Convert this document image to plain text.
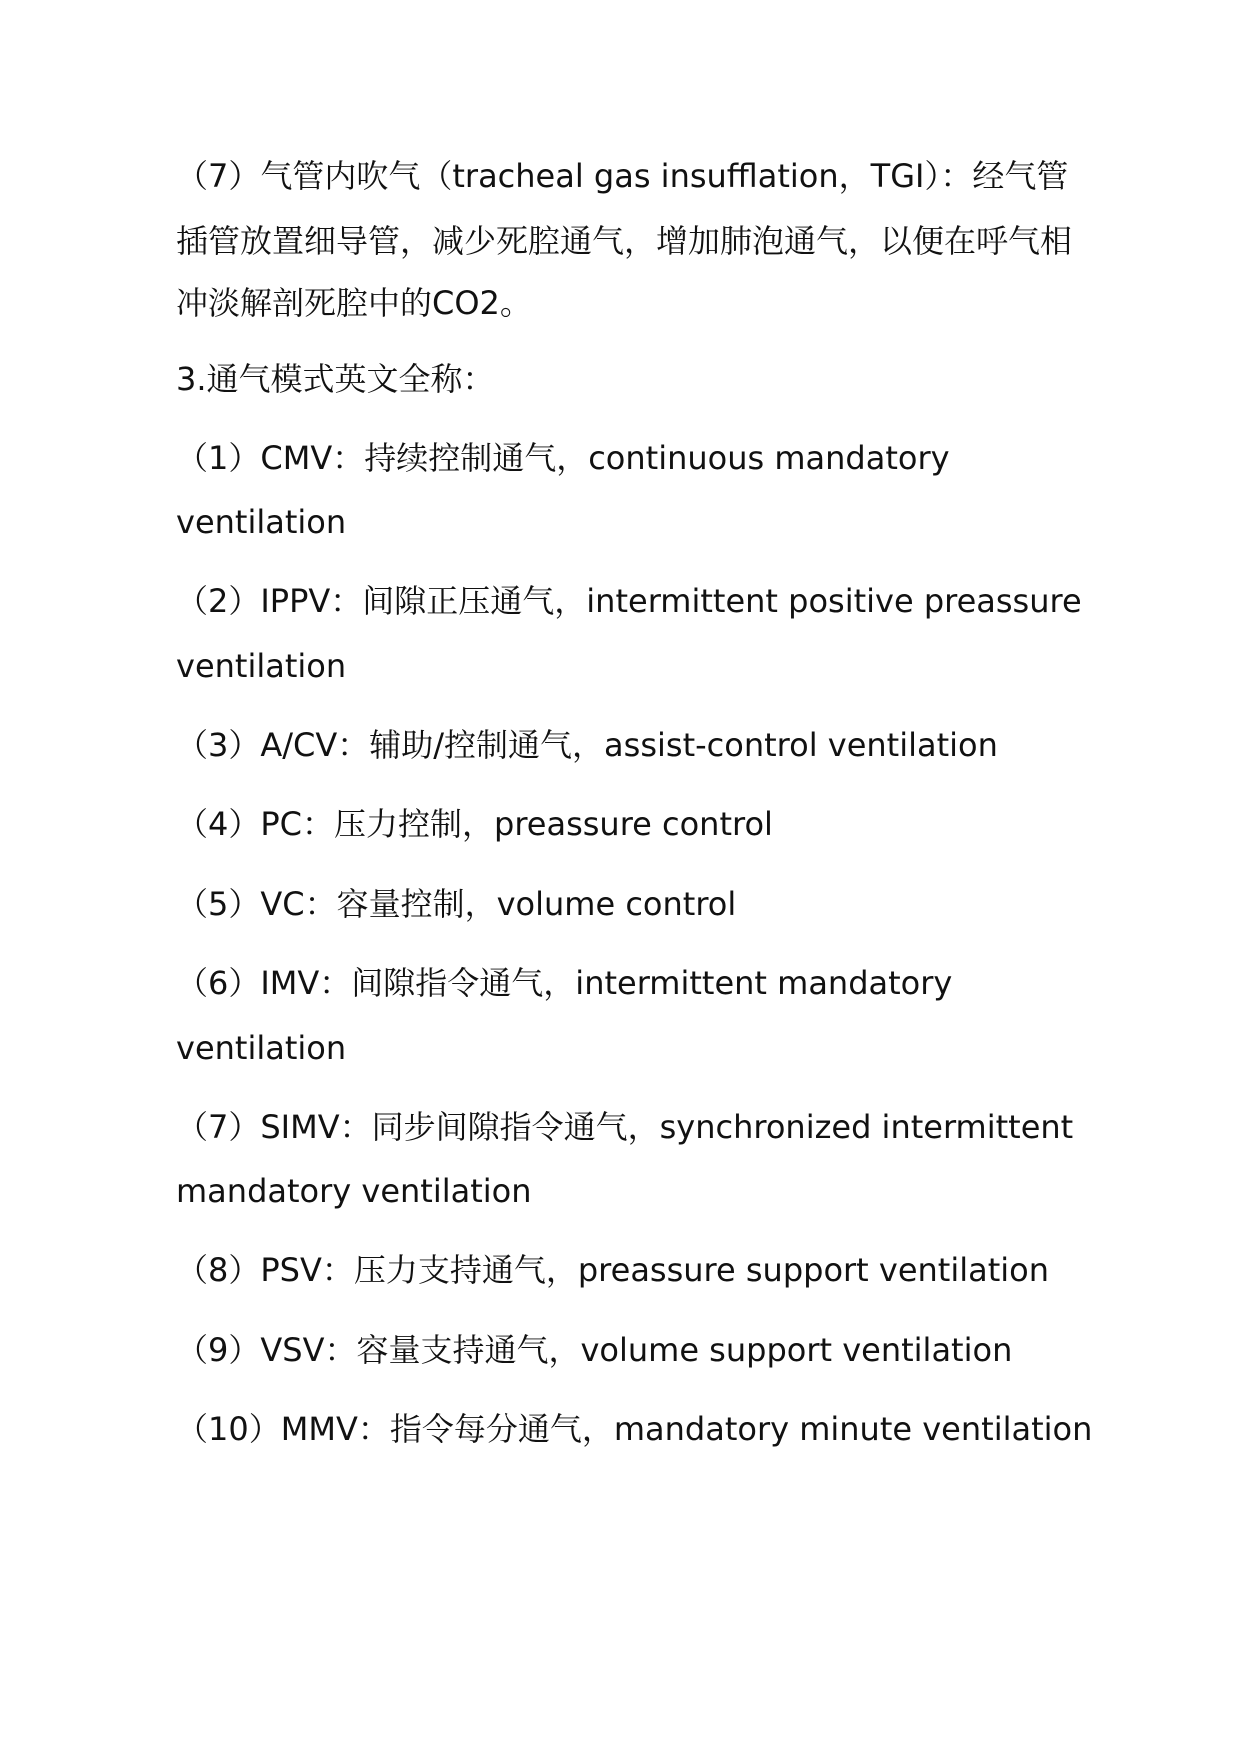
（7）气管内吹气（tracheal gas insufflation，TGI）：经气管
插管放置细导管，减少死腔通气，增加肺泡通气，以便在呼气相
冲淡解剖死腔中的CO2。
3.通气模式英文全称：
（1）CMV：持续控制通气，continuous mandatory
ventilation
（2）IPPV：间隙正压通气，intermittent positive preassure
ventilation
（3）A/CV：辅助/控制通气，assist-control ventilation
（4）PC：压力控制，preassure control
（5）VC：容量控制，volume control
（6）IMV：间隙指令通气，intermittent mandatory
ventilation
（7）SIMV：同步间隙指令通气，synchronized intermittent
mandatory ventilation
（8）PSV：压力支持通气，preassure support ventilation
（9）VSV：容量支持通气，volume support ventilation
（10）MMV：指令每分通气，mandatory minute ventilation
